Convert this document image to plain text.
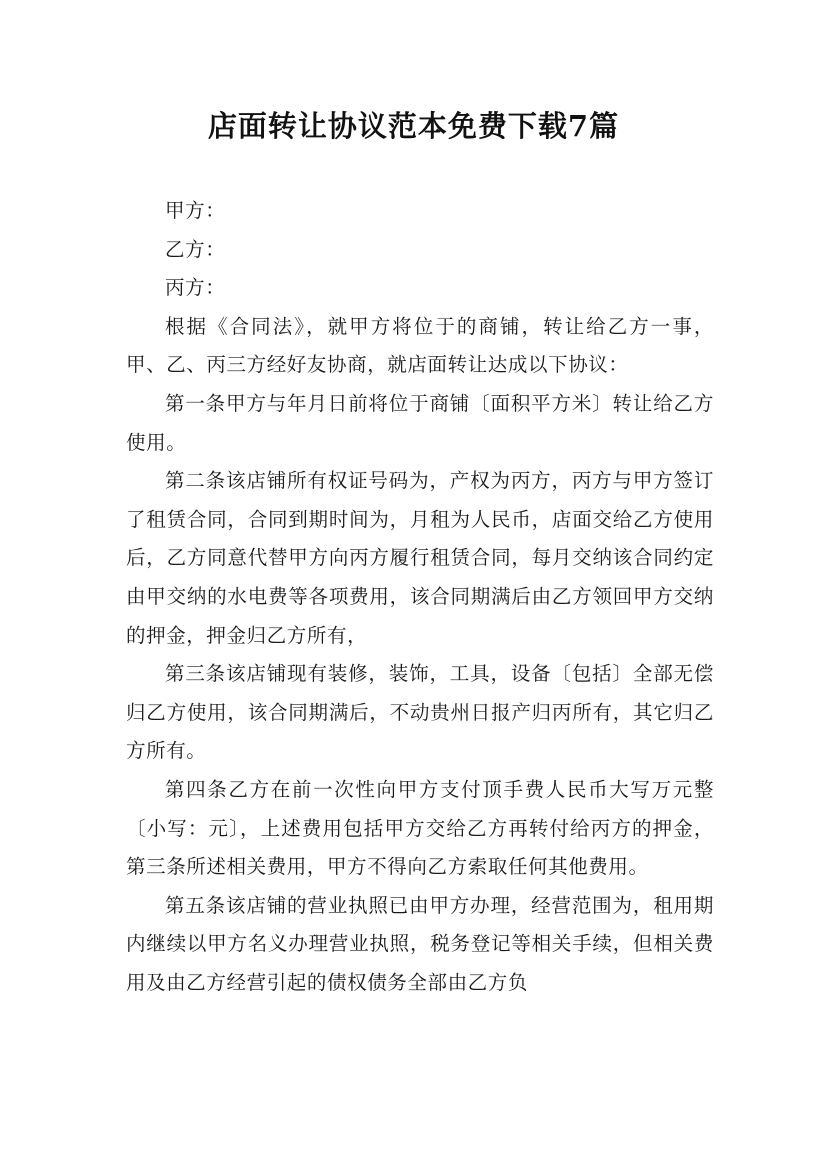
店面转让协议范本免费下载7篇

甲方：

乙方：

丙方：

根据《合同法》，就甲方将位于的商铺，转让给乙方一事，甲、乙、丙三方经好友协商，就店面转让达成以下协议：

第一条甲方与年月日前将位于商铺〔面积平方米〕转让给乙方使用。

第二条该店铺所有权证号码为，产权为丙方，丙方与甲方签订了租赁合同，合同到期时间为，月租为人民币，店面交给乙方使用后，乙方同意代替甲方向丙方履行租赁合同，每月交纳该合同约定由甲交纳的水电费等各项费用，该合同期满后由乙方领回甲方交纳的押金，押金归乙方所有，

第三条该店铺现有装修，装饰，工具，设备〔包括〕全部无偿归乙方使用，该合同期满后，不动贵州日报产归丙所有，其它归乙方所有。

第四条乙方在前一次性向甲方支付顶手费人民币大写万元整〔小写：元〕，上述费用包括甲方交给乙方再转付给丙方的押金，第三条所述相关费用，甲方不得向乙方索取任何其他费用。

第五条该店铺的营业执照已由甲方办理，经营范围为，租用期内继续以甲方名义办理营业执照，税务登记等相关手续，但相关费用及由乙方经营引起的债权债务全部由乙方负
